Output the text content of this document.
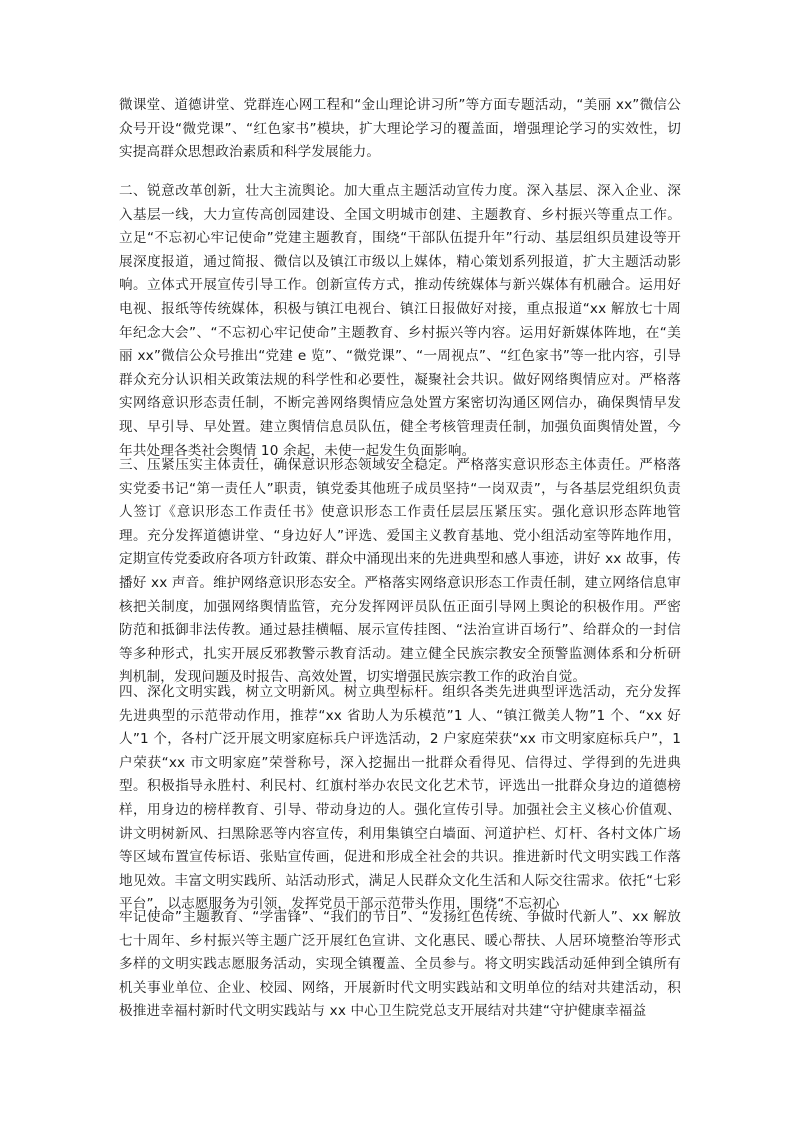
微课堂、道德讲堂、党群连心网工程和“金山理论讲习所”等方面专题活动，“美丽 xx”微信公众号开设“微党课”、“红色家书”模块，扩大理论学习的覆盖面，增强理论学习的实效性，切实提高群众思想政治素质和科学发展能力。

二、锐意改革创新，壮大主流舆论。加大重点主题活动宣传力度。深入基层、深入企业、深入基层一线，大力宣传高创园建设、全国文明城市创建、主题教育、乡村振兴等重点工作。立足“不忘初心牢记使命”党建主题教育，围绕“干部队伍提升年”行动、基层组织员建设等开展深度报道，通过简报、微信以及镇江市级以上媒体，精心策划系列报道，扩大主题活动影响。立体式开展宣传引导工作。创新宣传方式，推动传统媒体与新兴媒体有机融合。运用好电视、报纸等传统媒体，积极与镇江电视台、镇江日报做好对接，重点报道“xx 解放七十周年纪念大会”、“不忘初心牢记使命”主题教育、乡村振兴等内容。运用好新媒体阵地，在“美丽 xx”微信公众号推出“党建 e 览”、“微党课”、“一周视点”、“红色家书”等一批内容，引导群众充分认识相关政策法规的科学性和必要性，凝聚社会共识。做好网络舆情应对。严格落实网络意识形态责任制，不断完善网络舆情应急处置方案密切沟通区网信办，确保舆情早发现、早引导、早处置。建立舆情信息员队伍，健全考核管理责任制，加强负面舆情处置，今年共处理各类社会舆情 10 余起，未使一起发生负面影响。

三、压紧压实主体责任，确保意识形态领域安全稳定。严格落实意识形态主体责任。严格落实党委书记“第一责任人”职责，镇党委其他班子成员坚持“一岗双责”，与各基层党组织负责人签订《意识形态工作责任书》使意识形态工作责任层层压紧压实。强化意识形态阵地管理。充分发挥道德讲堂、“身边好人”评选、爱国主义教育基地、党小组活动室等阵地作用，定期宣传党委政府各项方针政策、群众中涌现出来的先进典型和感人事迹，讲好 xx 故事，传播好 xx 声音。维护网络意识形态安全。严格落实网络意识形态工作责任制，建立网络信息审核把关制度，加强网络舆情监管，充分发挥网评员队伍正面引导网上舆论的积极作用。严密防范和抵御非法传教。通过悬挂横幅、展示宣传挂图、“法治宣讲百场行”、给群众的一封信等多种形式，扎实开展反邪教警示教育活动。建立健全民族宗教安全预警监测体系和分析研判机制，发现问题及时报告、高效处置，切实增强民族宗教工作的政治自觉。

四、深化文明实践，树立文明新风。树立典型标杆。组织各类先进典型评选活动，充分发挥先进典型的示范带动作用，推荐“xx 省助人为乐模范”1 人、“镇江微美人物”1 个、“xx 好人”1 个，各村广泛开展文明家庭标兵户评选活动，2 户家庭荣获“xx 市文明家庭标兵户”，1 户荣获“xx 市文明家庭”荣誉称号，深入挖掘出一批群众看得见、信得过、学得到的先进典型。积极指导永胜村、利民村、红旗村举办农民文化艺术节，评选出一批群众身边的道德榜样，用身边的榜样教育、引导、带动身边的人。强化宣传引导。加强社会主义核心价值观、讲文明树新风、扫黑除恶等内容宣传，利用集镇空白墙面、河道护栏、灯杆、各村文体广场等区域布置宣传标语、张贴宣传画，促进和形成全社会的共识。推进新时代文明实践工作落地见效。丰富文明实践所、站活动形式，满足人民群众文化生活和人际交往需求。依托“七彩平台”，以志愿服务为引领，发挥党员干部示范带头作用，围绕“不忘初心

牢记使命”主题教育、“学雷锋”、“我们的节日”、“发扬红色传统、争做时代新人”、xx 解放七十周年、乡村振兴等主题广泛开展红色宣讲、文化惠民、暖心帮扶、人居环境整治等形式多样的文明实践志愿服务活动，实现全镇覆盖、全员参与。将文明实践活动延伸到全镇所有机关事业单位、企业、校园、网络，开展新时代文明实践站和文明单位的结对共建活动，积极推进幸福村新时代文明实践站与 xx 中心卫生院党总支开展结对共建“守护健康幸福益
